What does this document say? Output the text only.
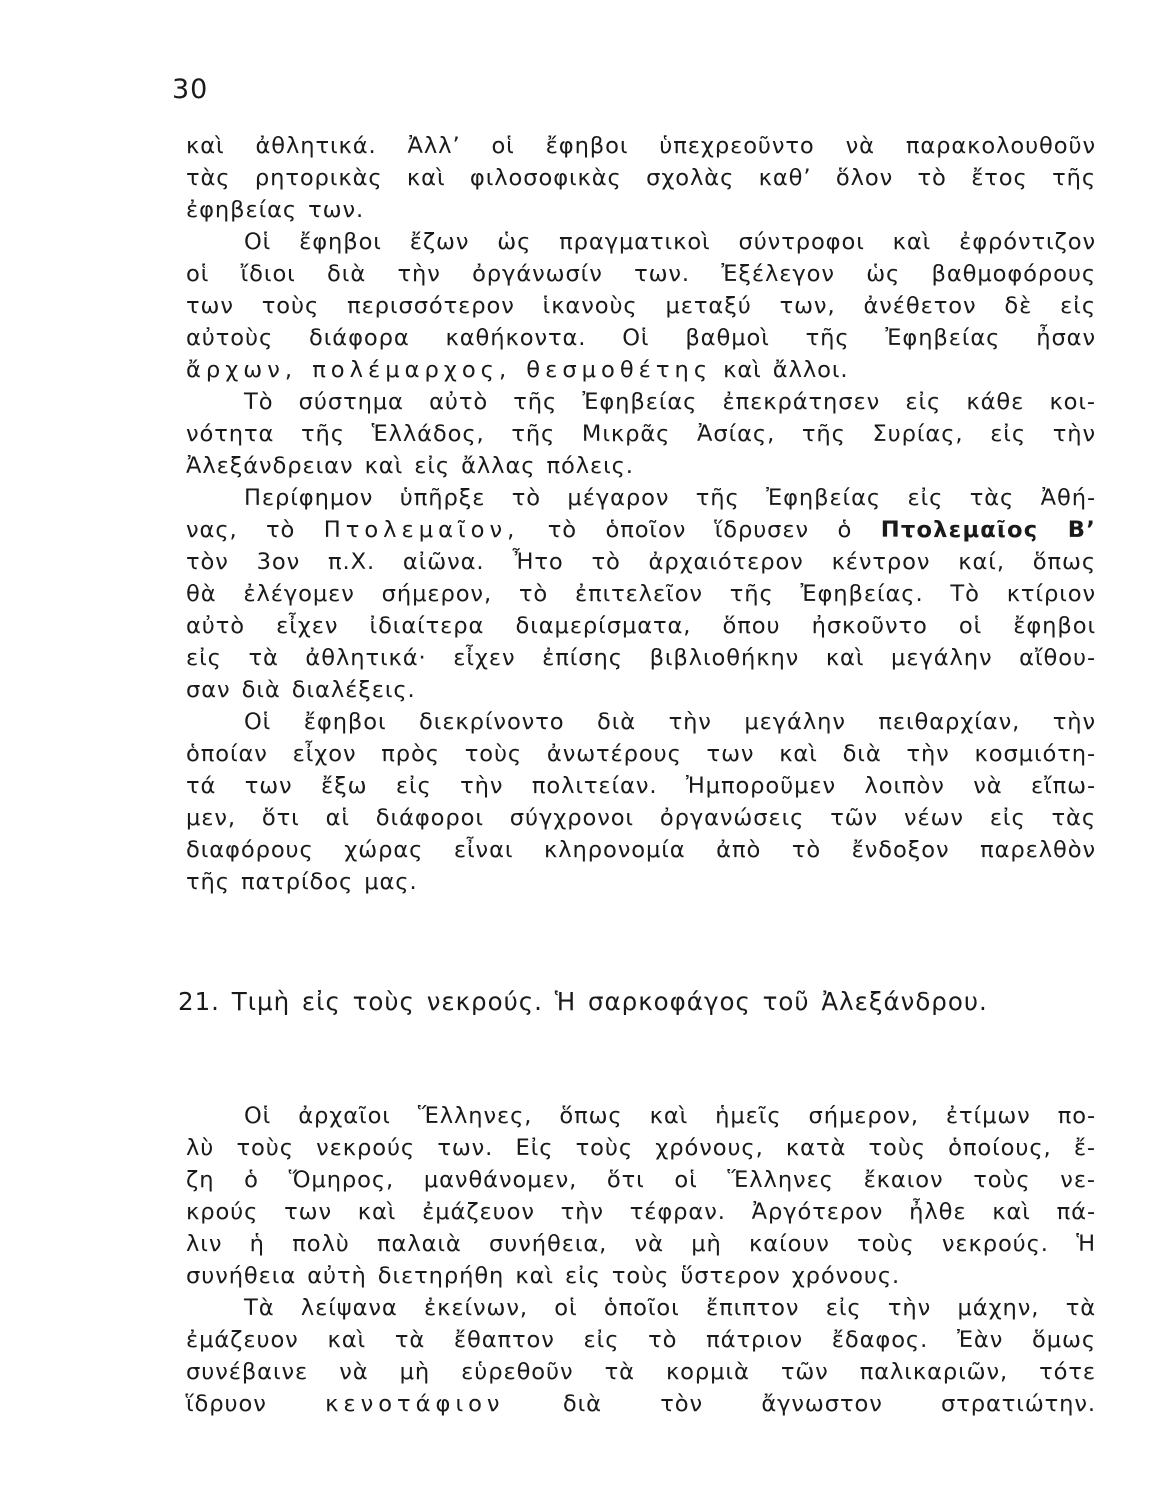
30
καὶ ἀθλητικά. Ἀλλ’ οἱ ἔφηβοι ὑπεχρεοῦντο νὰ παρακολουθοῦν
τὰς ρητορικὰς καὶ φιλοσοφικὰς σχολὰς καθ’ ὅλον τὸ ἔτος τῆς
ἐφηβείας των.
Οἱ ἔφηβοι ἔζων ὡς πραγματικοὶ σύντροφοι καὶ ἐφρόντιζον
οἱ ἴδιοι διὰ τὴν ὀργάνωσίν των. Ἐξέλεγον ὡς βαθμοφόρους
των τοὺς περισσότερον ἱκανοὺς μεταξύ των, ἀνέθετον δὲ εἰς
αὐτοὺς διάφορα καθήκοντα. Οἱ βαθμοὶ τῆς Ἐφηβείας ἦσαν
ἄρχων, πολέμαρχος, θεσμοθέτης καὶ ἄλλοι.
Τὸ σύστημα αὐτὸ τῆς Ἐφηβείας ἐπεκράτησεν εἰς κάθε κοι-
νότητα τῆς Ἑλλάδος, τῆς Μικρᾶς Ἀσίας, τῆς Συρίας, εἰς τὴν
Ἀλεξάνδρειαν καὶ εἰς ἄλλας πόλεις.
Περίφημον ὑπῆρξε τὸ μέγαρον τῆς Ἐφηβείας εἰς τὰς Ἀθή-
νας, τὸ Πτολεμαῖον, τὸ ὁποῖον ἵδρυσεν ὁ Πτολεμαῖος Β’
τὸν 3ον π.Χ. αἰῶνα. Ἦτο τὸ ἀρχαιότερον κέντρον καί, ὅπως
θὰ ἐλέγομεν σήμερον, τὸ ἐπιτελεῖον τῆς Ἐφηβείας. Τὸ κτίριον
αὐτὸ εἶχεν ἰδιαίτερα διαμερίσματα, ὅπου ἠσκοῦντο οἱ ἔφηβοι
εἰς τὰ ἀθλητικά· εἶχεν ἐπίσης βιβλιοθήκην καὶ μεγάλην αἴθου-
σαν διὰ διαλέξεις.
Οἱ ἔφηβοι διεκρίνοντο διὰ τὴν μεγάλην πειθαρχίαν, τὴν
ὁποίαν εἶχον πρὸς τοὺς ἀνωτέρους των καὶ διὰ τὴν κοσμιότη-
τά των ἔξω εἰς τὴν πολιτείαν. Ἠμποροῦμεν λοιπὸν νὰ εἴπω-
μεν, ὅτι αἱ διάφοροι σύγχρονοι ὀργανώσεις τῶν νέων εἰς τὰς
διαφόρους χώρας εἶναι κληρονομία ἀπὸ τὸ ἔνδοξον παρελθὸν
τῆς πατρίδος μας.
21. Τιμὴ εἰς τοὺς νεκρούς. Ἡ σαρκοφάγος τοῦ Ἀλεξάνδρου.
Οἱ ἀρχαῖοι Ἕλληνες, ὅπως καὶ ἡμεῖς σήμερον, ἐτίμων πο-
λὺ τοὺς νεκρούς των. Εἰς τοὺς χρόνους, κατὰ τοὺς ὁποίους, ἔ-
ζη ὁ Ὅμηρος, μανθάνομεν, ὅτι οἱ Ἕλληνες ἔκαιον τοὺς νε-
κρούς των καὶ ἐμάζευον τὴν τέφραν. Ἀργότερον ἦλθε καὶ πά-
λιν ἡ πολὺ παλαιὰ συνήθεια, νὰ μὴ καίουν τοὺς νεκρούς. Ἡ
συνήθεια αὐτὴ διετηρήθη καὶ εἰς τοὺς ὕστερον χρόνους.
Τὰ λείψανα ἐκείνων, οἱ ὁποῖοι ἔπιπτον εἰς τὴν μάχην, τὰ
ἐμάζευον καὶ τὰ ἔθαπτον εἰς τὸ πάτριον ἔδαφος. Ἐὰν ὅμως
συνέβαινε νὰ μὴ εὑρεθοῦν τὰ κορμιὰ τῶν παλικαριῶν, τότε
ἵδρυον	κενοτάφιον διὰ τὸν ἄγνωστον στρατιώτην.
